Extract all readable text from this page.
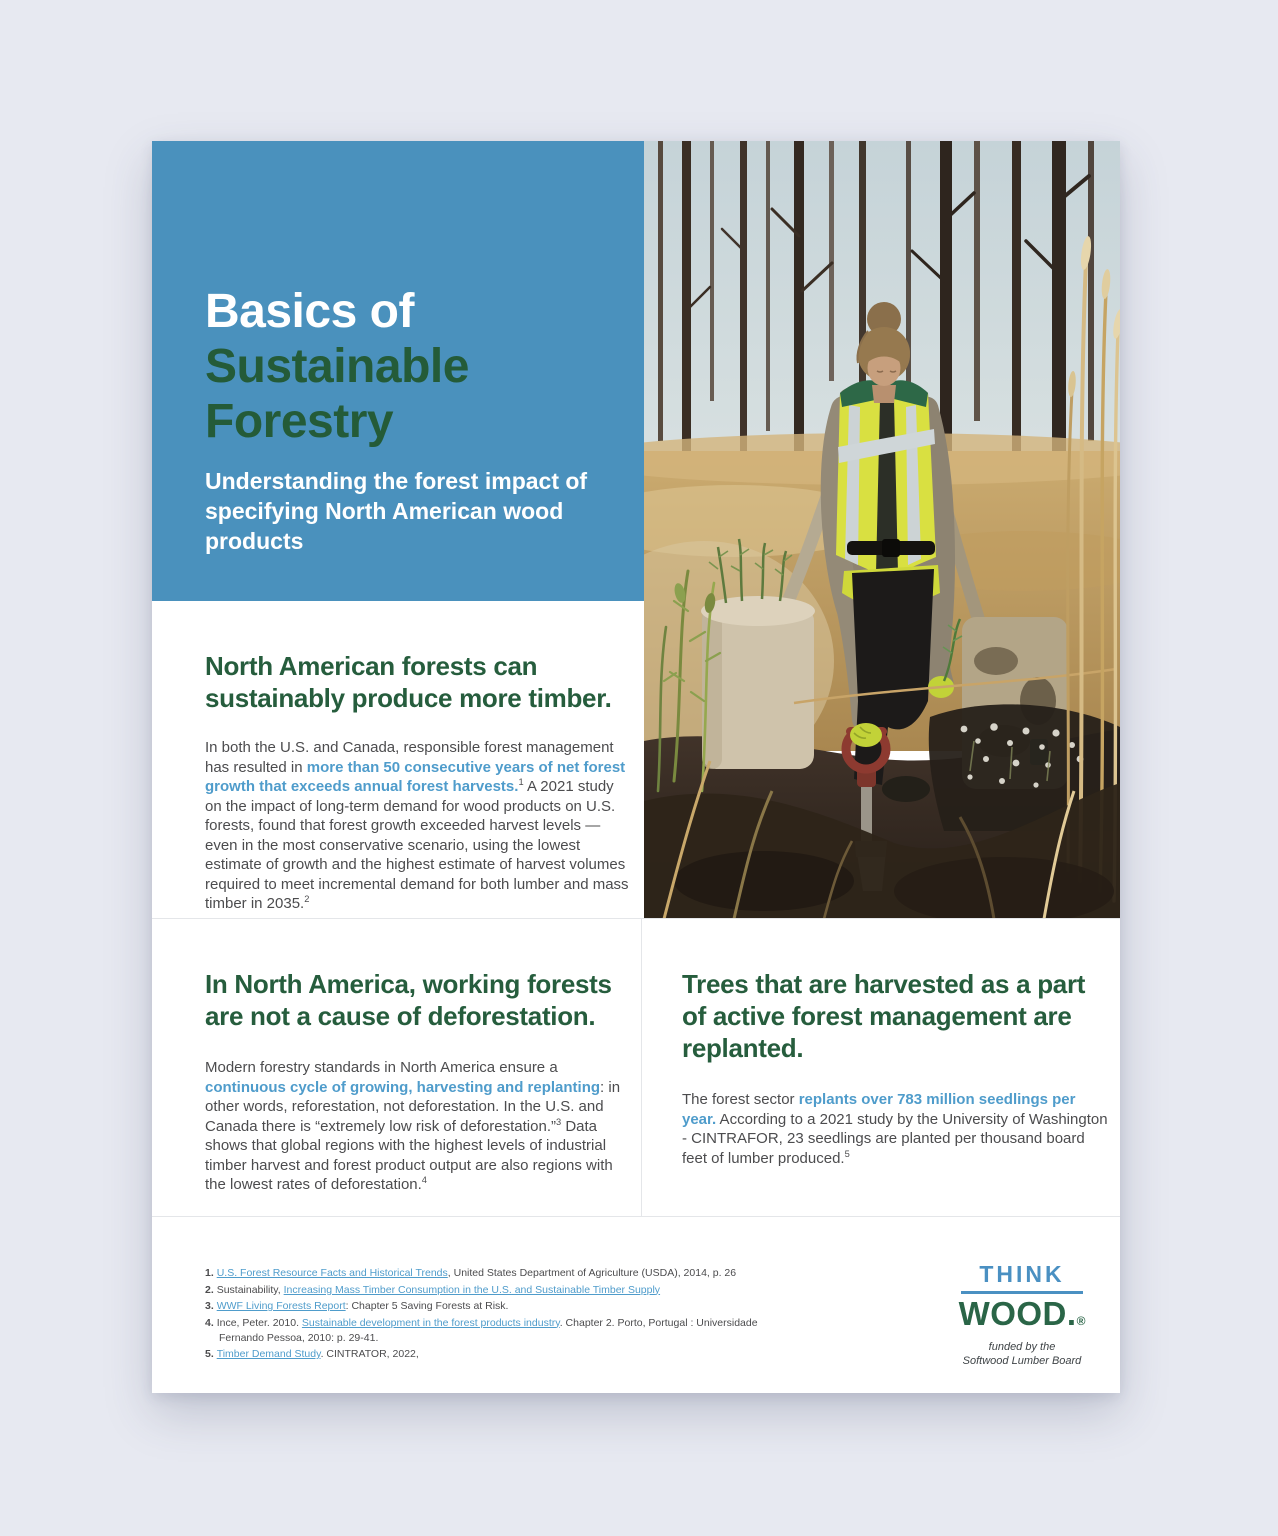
Basics of
Sustainable Forestry

Understanding the forest impact of specifying North American wood products

North American forests can sustainably produce more timber.

In both the U.S. and Canada, responsible forest management has resulted in more than 50 consecutive years of net forest growth that exceeds annual forest harvests.$^1$ A 2021 study on the impact of long-term demand for wood products on U.S. forests, found that forest growth exceeded harvest levels — even in the most conservative scenario, using the lowest estimate of growth and the highest estimate of harvest volumes required to meet incremental demand for both lumber and mass timber in 2035.$^2$

In North America, working forests are not a cause of deforestation.

Modern forestry standards in North America ensure a continuous cycle of growing, harvesting and replanting: in other words, reforestation, not deforestation. In the U.S. and Canada there is “extremely low risk of deforestation.”$^3$ Data shows that global regions with the highest levels of industrial timber harvest and forest product output are also regions with the lowest rates of deforestation.$^4$

Trees that are harvested as a part of active forest management are replanted.

The forest sector replants over 783 million seedlings per year. According to a 2021 study by the University of Washington - CINTRAFOR, 23 seedlings are planted per thousand board feet of lumber produced.$^5$

1. U.S. Forest Resource Facts and Historical Trends, United States Department of Agriculture (USDA), 2014, p. 26
2. Sustainability, Increasing Mass Timber Consumption in the U.S. and Sustainable Timber Supply
3. WWF Living Forests Report: Chapter 5 Saving Forests at Risk.
4. Ince, Peter. 2010. Sustainable development in the forest products industry. Chapter 2. Porto, Portugal : Universidade Fernando Pessoa, 2010: p. 29-41.
5. Timber Demand Study. CINTRATOR, 2022,
THINK
WOOD.®
funded by the
Softwood Lumber Board
